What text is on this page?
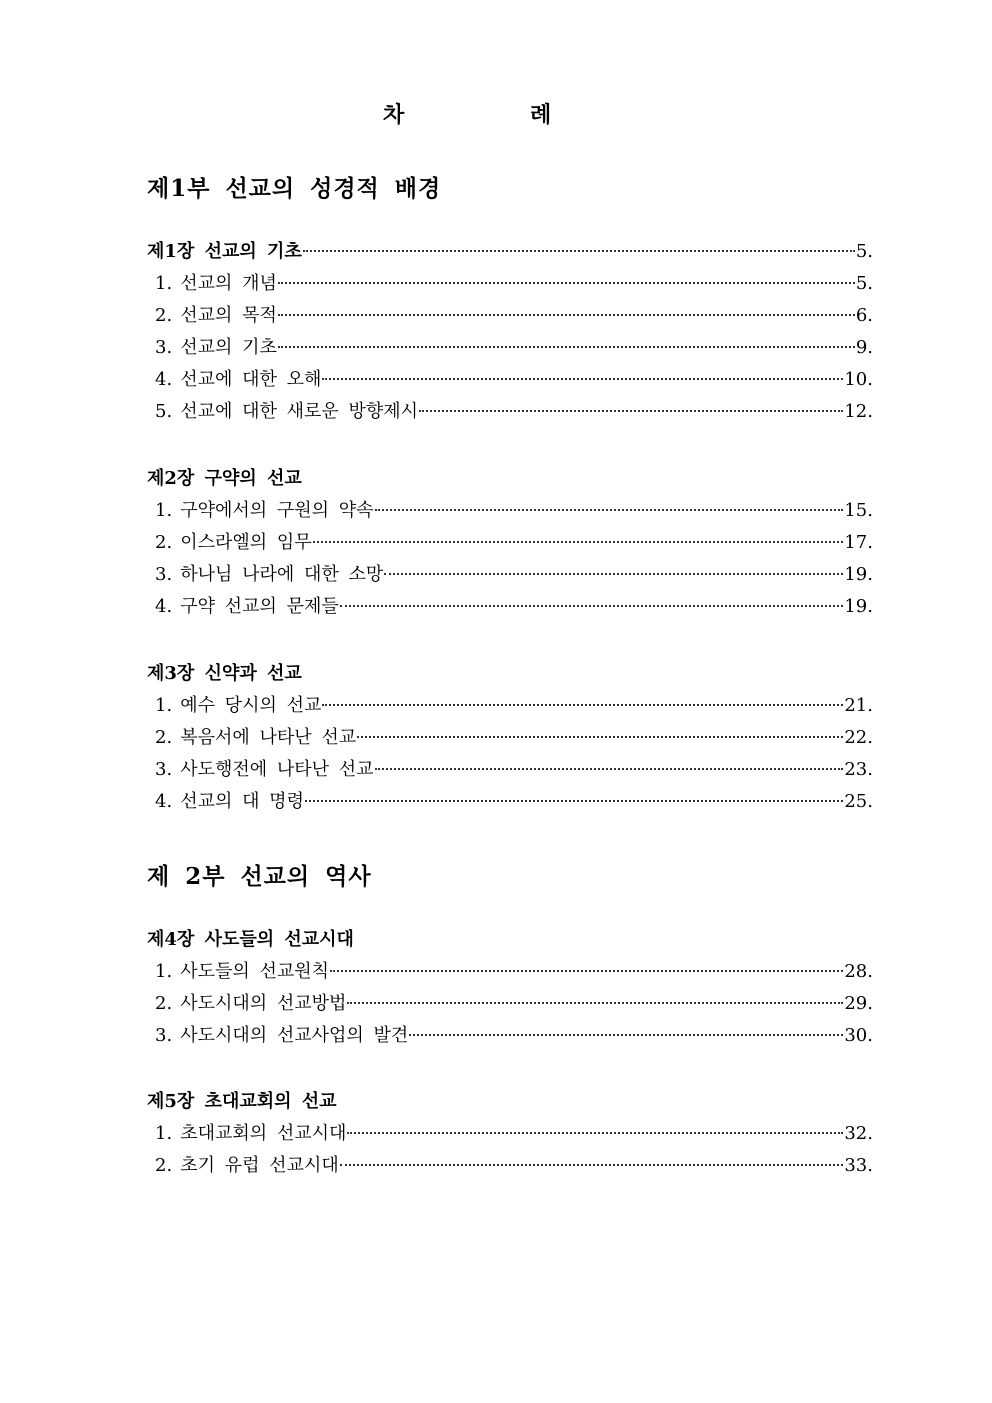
차	례
제1부 선교의 성경적 배경
제1장 선교의 기초	5.
1. 선교의 개념	5.
2. 선교의 목적	6.
3. 선교의 기초	9.
4. 선교에 대한 오해	10.
5. 선교에 대한 새로운 방향제시	12.
제2장 구약의 선교
1. 구약에서의 구원의 약속	15.
2. 이스라엘의 임무	17.
3. 하나님 나라에 대한 소망	19.
4. 구약 선교의 문제들	19.
제3장 신약과 선교
1. 예수 당시의 선교	21.
2. 복음서에 나타난 선교	22.
3. 사도행전에 나타난 선교	23.
4. 선교의 대 명령	25.
제 2부 선교의 역사
제4장 사도들의 선교시대
1. 사도들의 선교원칙	28.
2. 사도시대의 선교방법	29.
3. 사도시대의 선교사업의 발견	30.
제5장 초대교회의 선교
1. 초대교회의 선교시대	32.
2. 초기 유럽 선교시대	33.
